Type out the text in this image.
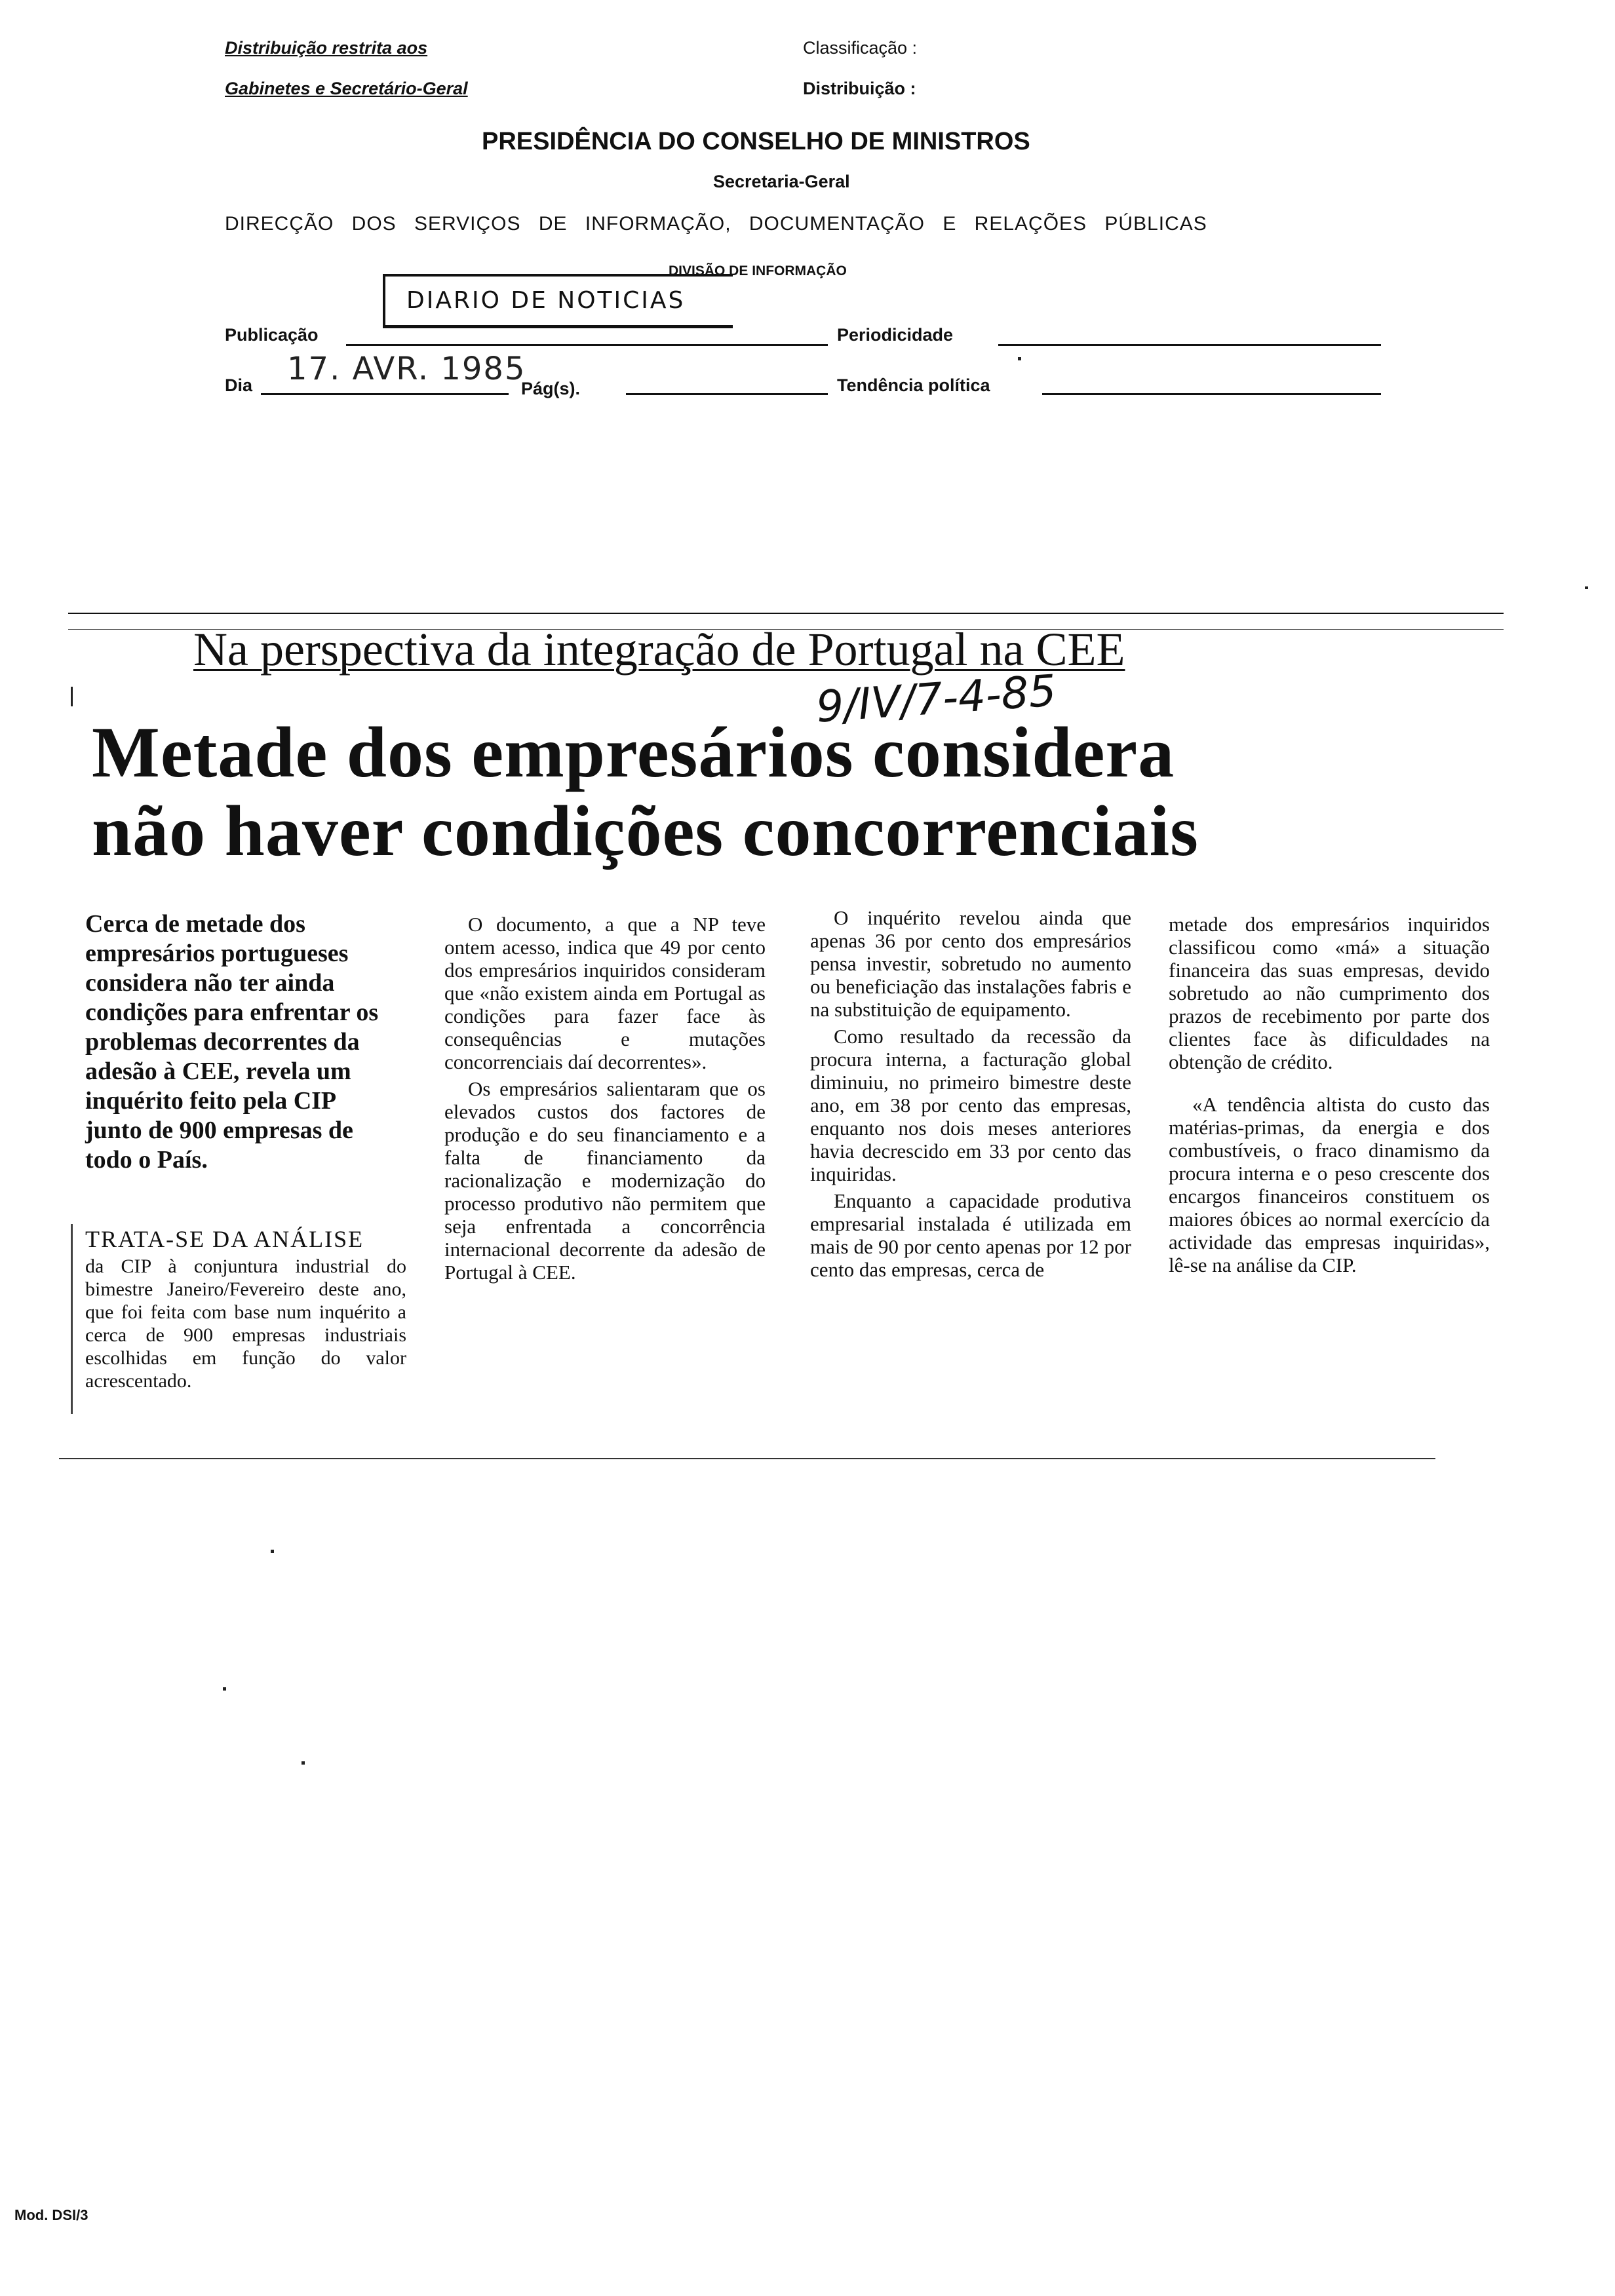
Distribuição restrita aos
Gabinetes e Secretário-Geral
Classificação :
Distribuição :
PRESIDÊNCIA DO CONSELHO DE MINISTROS
Secretaria-Geral
DIRECÇÃO DOS SERVIÇOS DE INFORMAÇÃO, DOCUMENTAÇÃO E RELAÇÕES PÚBLICAS
DIVISÃO DE INFORMAÇÃO
DIARIO DE NOTICIAS
Publicação	Periodicidade
Dia 17. AVR. 1985
Pág(s).	Tendência política
Na perspectiva da integração de Portugal na CEE
9/IV/7-4-85
Metade dos empresários considera
não haver condições concorrenciais
Cerca de metade dos empresários portugueses considera não ter ainda condições para enfrentar os problemas decorrentes da adesão à CEE, revela um inquérito feito pela CIP junto de 900 empresas de todo o País.
TRATA-SE DA ANÁLISE
da CIP à conjuntura industrial do bimestre Janeiro/Fevereiro deste ano, que foi feita com base num inquérito a cerca de 900 empresas industriais escolhidas em função do valor acrescentado.

O documento, a que a NP teve ontem acesso, indica que 49 por cento dos empresários inquiridos consideram que «não existem ainda em Portugal as condições para fazer face às consequências e mutações concorrenciais daí decorrentes».

Os empresários salientaram que os elevados custos dos factores de produção e do seu financiamento e a falta de financiamento da racionalização e modernização do processo produtivo não permitem que seja enfrentada a concorrência internacional decorrente da adesão de Portugal à CEE.

O inquérito revelou ainda que apenas 36 por cento dos empresários pensa investir, sobretudo no aumento ou beneficiação das instalações fabris e na substituição de equipamento.

Como resultado da recessão da procura interna, a facturação global diminuiu, no primeiro bimestre deste ano, em 38 por cento das empresas, enquanto nos dois meses anteriores havia decrescido em 33 por cento das inquiridas.

Enquanto a capacidade produtiva empresarial instalada é utilizada em mais de 90 por cento apenas por 12 por cento das empresas, cerca de

metade dos empresários inquiridos classificou como «má» a situação financeira das suas empresas, devido sobretudo ao não cumprimento dos prazos de recebimento por parte dos clientes face às dificuldades na obtenção de crédito.

«A tendência altista do custo das matérias-primas, da energia e dos combustíveis, o fraco dinamismo da procura interna e o peso crescente dos encargos financeiros constituem os maiores óbices ao normal exercício da actividade das empresas inquiridas», lê-se na análise da CIP.

Mod. DSI/3
